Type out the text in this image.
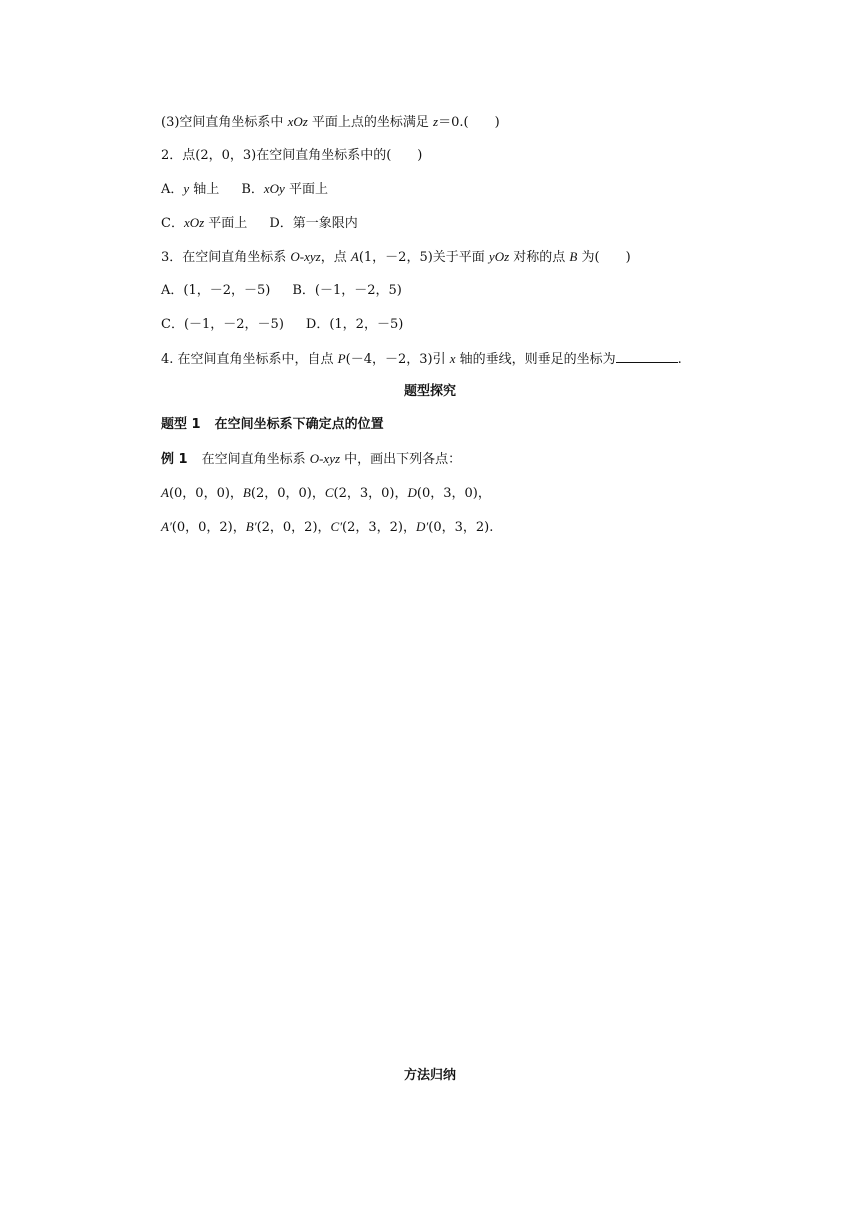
(3)空间直角坐标系中 xOz 平面上点的坐标满足 z＝0.(　　)
2．点(2，0，3)在空间直角坐标系中的(　　)
A．y 轴上 B．xOy 平面上
C．xOz 平面上 D．第一象限内
3．在空间直角坐标系 O-xyz，点 A(1，－2，5)关于平面 yOz 对称的点 B 为(　　)
A．(1，－2，－5) B．(－1，－2，5)
C．(－1，－2，－5) D．(1，2，－5)
4. 在空间直角坐标系中，自点 P(－4，－2，3)引 x 轴的垂线，则垂足的坐标为	.
题型探究
题型 1 在空间坐标系下确定点的位置
例 1 在空间直角坐标系 O-xyz 中，画出下列各点：
A(0，0，0)，B(2，0，0)，C(2，3，0)，D(0，3，0)，
A′(0，0，2)，B′(2，0，2)，C′(2，3，2)，D′(0，3，2).
方法归纳
